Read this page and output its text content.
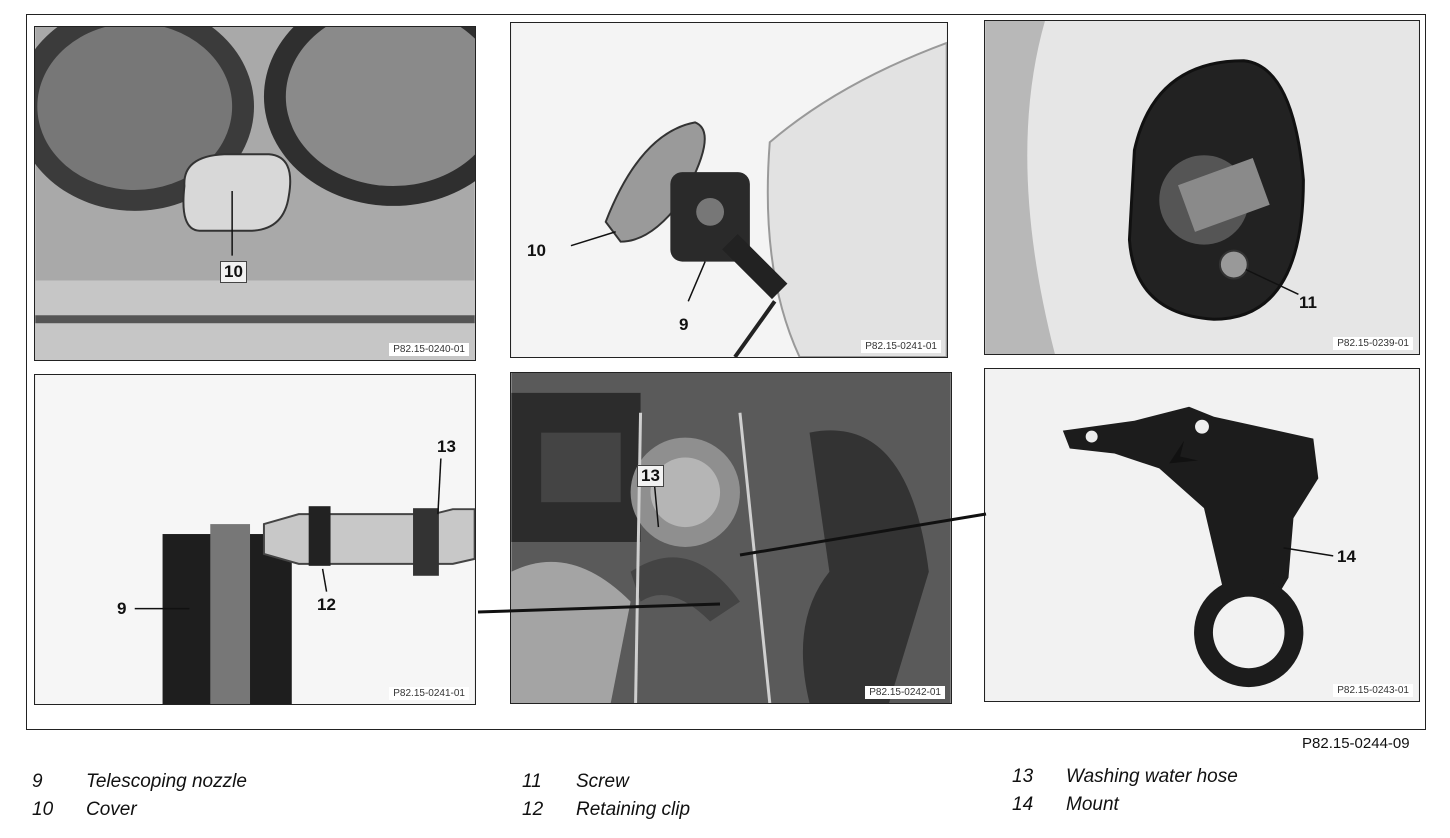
10
P82.15-0240-01
10
9
P82.15-0241-01
11
P82.15-0239-01
13
9	12
P82.15-0241-01
13
P82.15-0242-01
14
P82.15-0243-01
P82.15-0244-09
9 Telescoping nozzle
10 Cover
11 Screw
12 Retaining clip
13 Washing water hose
14 Mount
